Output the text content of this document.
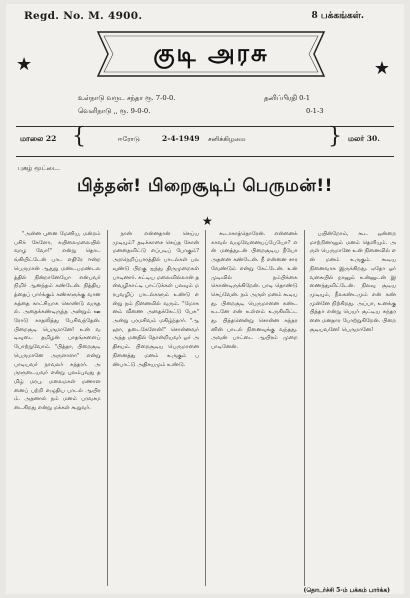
Regd. No. M. 4900.	8 பக்கங்கள்.
★	★
குடி அரசு
உள்நாடு வருட சந்தா ரூ. 7-0-0.
வெளிநாடு ,, ரூ. 9-0-0.
தனிப்பிரதி 0-1
0-1-3
மாலை 22 {	ஈரோடு	2-4-1949 சனிக்கிழமை	} மலர் 30.
புகழ் மூட்டை.
பித்தன்! பிறைசூடிப் பெருமன்!!
★

"அன்ன புனை மேனிய, மன்றம் பசிக் கேளோ, கயிலைமலையில் வாழ வோ!" என்று தொடங்கியிட்டேன் பாட எதிரே ஈன்ற பெருமான் ஆதுறு மண்டபமண்டலத்தில் நின்றானேயோ என்பவர் நிமிர் ஆனந்தம் கண்டேன். நித்தியத்தைப் பார்க்கும் கண்களுக்கு வானகத்தை காட்சியாக கொண்டு வருதல். அதைக்கண்டிருந்த அன்றும் ஊரோடு காதலித்து பேசிவந்தேன். பிறைசூடி பெருமானே! உன் வடிவுடை தமிழன் பாதங்களைப் போற்றுவோம். "பித்தா, பிறைசூடி பெருமானே அருளாளா" என்று பாடியவர் நாவலர் சுந்தரர். அருளுடையவர் என்று புலம்புவது தமிழ் மரபு. மலைமகள் மணாளனைப் பற்றி எழுதிய பாடல் ஆயிரம். அதனால் நம் மனம் பரவசமடைகிறது என்று மக்கள் கூறுவர்.

நான் என்னதான் செய்ய முடியும்? தடிக்காசை செய்த கோன் மனதைவிட்டு எப்படிப் போகும்? அறநெறிப்பாரத்தில் பாடல்கள் பலவுண்டு பிறகு ஐந்து திருமுறைகள் பாடினார். சுட்டிய மலைவில்லான் தன்வழிகாட்டி பாட்டுக்கள் பலவும் மரபுவழிப் பாடல்களும் உண்டு என்று நம் நினைவில் வரும். "மோகனம் வீணை அதைக்கேட்டு பேசு" அன்று பரமசிவம் மகிழ்ந்தார். "ஆஹா, தடைகேளேன்!" சொன்னவர் அந்த மனதில் தோன்றியவர் ஓர் அதிசயம். பிறைசூடிய பெருமானை நினைத்து மனம் உருகும் பண்பாட்டு அதிசயமும் உண்டு.

கூடாகாத்தொரேன். என்னைக் காவல் வழுவேனையப்பேயோ? என் மனத்துடன் பிறைசூடிய நீயோ அதனை கண்டேன். நீ என்னை சாரவேண்டும் என்று கேட்டேன். உன் முடிவில் நம்பிக்கை கொண்டிருக்கிறேன். பாடி தொண்டு செய்வேன். நம் அருள் மனம் கூடியது. பிறைசூடி பெருமானை கண்ட உடனே என் உள்ளம் உருகிவிட்டது. பித்தனென்று சொன்ன சுந்தரனின் பாடல் நினைவுக்கு வந்தது. அவன் பாட்டை ஆயிரம் முறை பாடினேன்.

பயின்றோம், கூட ஒன்றை மாற்றினாலும் மனம் தெளியும். அருள் பெருமானே உன் நினைவில் என் மனம் உருகும். கூடிய நினைவாக இருக்கிறது. ஏதோ ஓர் வகையில் நானும் உன்னுடன் இணைந்துவிட்டேன். நிலவு சூடிய முடியும், நீலகண்டமும் என் கண் முன்னே நிற்கிறது. அப்பா, உனக்கு பித்தா என்று பெயர் சூட்டிய சுந்தரனை மனதார போற்றுகிறேன். பிறை சூடியவனே! பெருமானே!

(தொடர்ச்சி 5-ம் பக்கம் பார்க்க)
